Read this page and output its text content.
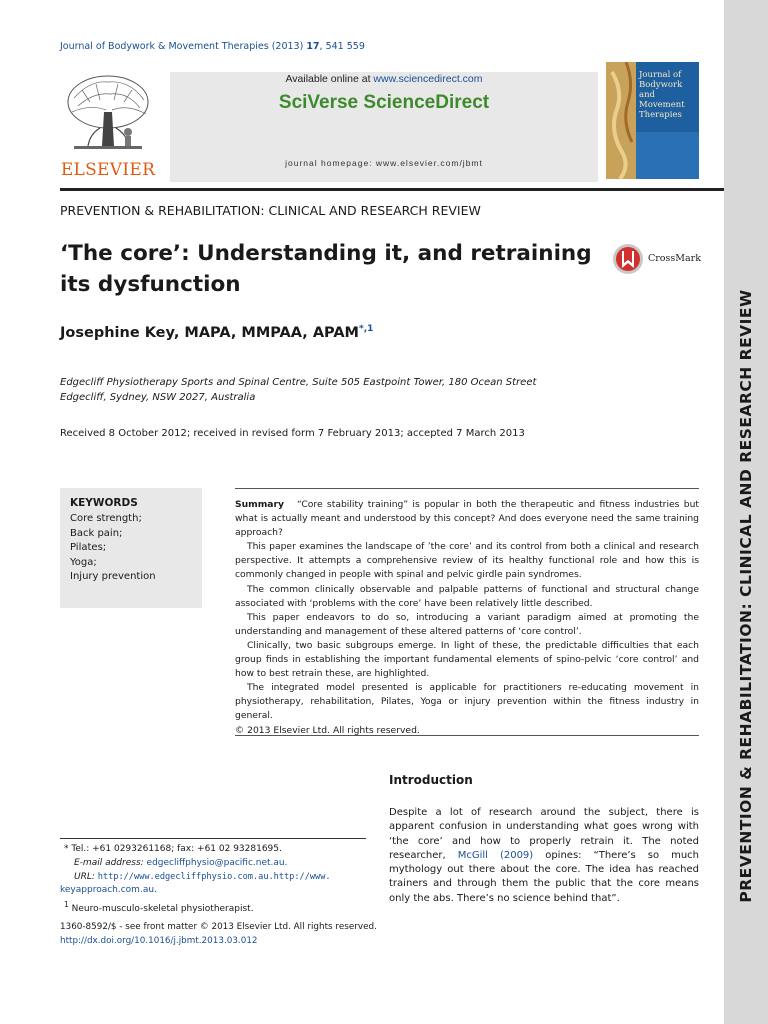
PREVENTION & REHABILITATION: CLINICAL AND RESEARCH REVIEW
Journal of Bodywork & Movement Therapies (2013) 17, 541 559
ELSEVIER
Available online at www.sciencedirect.com
SciVerse ScienceDirect
journal homepage: www.elsevier.com/jbmt
Journal of
Bodywork
and
Movement
Therapies
PREVENTION & REHABILITATION: CLINICAL AND RESEARCH REVIEW
‘The core’: Understanding it, and retraining
its dysfunction
CrossMark
Josephine Key, MAPA, MMPAA, $APAM^{*,1}$
Edgecliff Physiotherapy Sports and Spinal Centre, Suite 505 Eastpoint Tower, 180 Ocean Street
Edgecliff, Sydney, NSW 2027, Australia
Received 8 October 2012; received in revised form 7 February 2013; accepted 7 March 2013
KEYWORDS
Core strength;
Back pain;
Pilates;
Yoga;
Injury prevention

Summary “Core stability training” is popular in both the therapeutic and fitness industries but what is actually meant and understood by this concept? And does everyone need the same training approach?

This paper examines the landscape of ’the core’ and its control from both a clinical and research perspective. It attempts a comprehensive review of its healthy functional role and how this is commonly changed in people with spinal and pelvic girdle pain syndromes.

The common clinically observable and palpable patterns of functional and structural change associated with ‘problems with the core’ have been relatively little described.

This paper endeavors to do so, introducing a variant paradigm aimed at promoting the understanding and management of these altered patterns of ‘core control’.

Clinically, two basic subgroups emerge. In light of these, the predictable difficulties that each group finds in establishing the important fundamental elements of spino-pelvic ‘core control’ and how to best retrain these, are highlighted.

The integrated model presented is applicable for practitioners re-educating movement in physiotherapy, rehabilitation, Pilates, Yoga or injury prevention within the fitness industry in general.

© 2013 Elsevier Ltd. All rights reserved.

Introduction
Despite a lot of research around the subject, there is apparent confusion in understanding what goes wrong with ‘the core’ and how to properly retrain it. The noted researcher, McGill (2009) opines: “There’s so much mythology out there about the core. The idea has reached trainers and through them the public that the core means only the abs. There’s no science behind that”.
* Tel.: +61 0293261168; fax: +61 02 93281695.
E-mail address: edgecliffphysio@pacific.net.au.
URL: http://www.edgecliffphysio.com.au.http://www.
keyapproach.com.au.
$^1$ Neuro-musculo-skeletal physiotherapist.
1360-8592/$ - see front matter © 2013 Elsevier Ltd. All rights reserved.
http://dx.doi.org/10.1016/j.jbmt.2013.03.012
